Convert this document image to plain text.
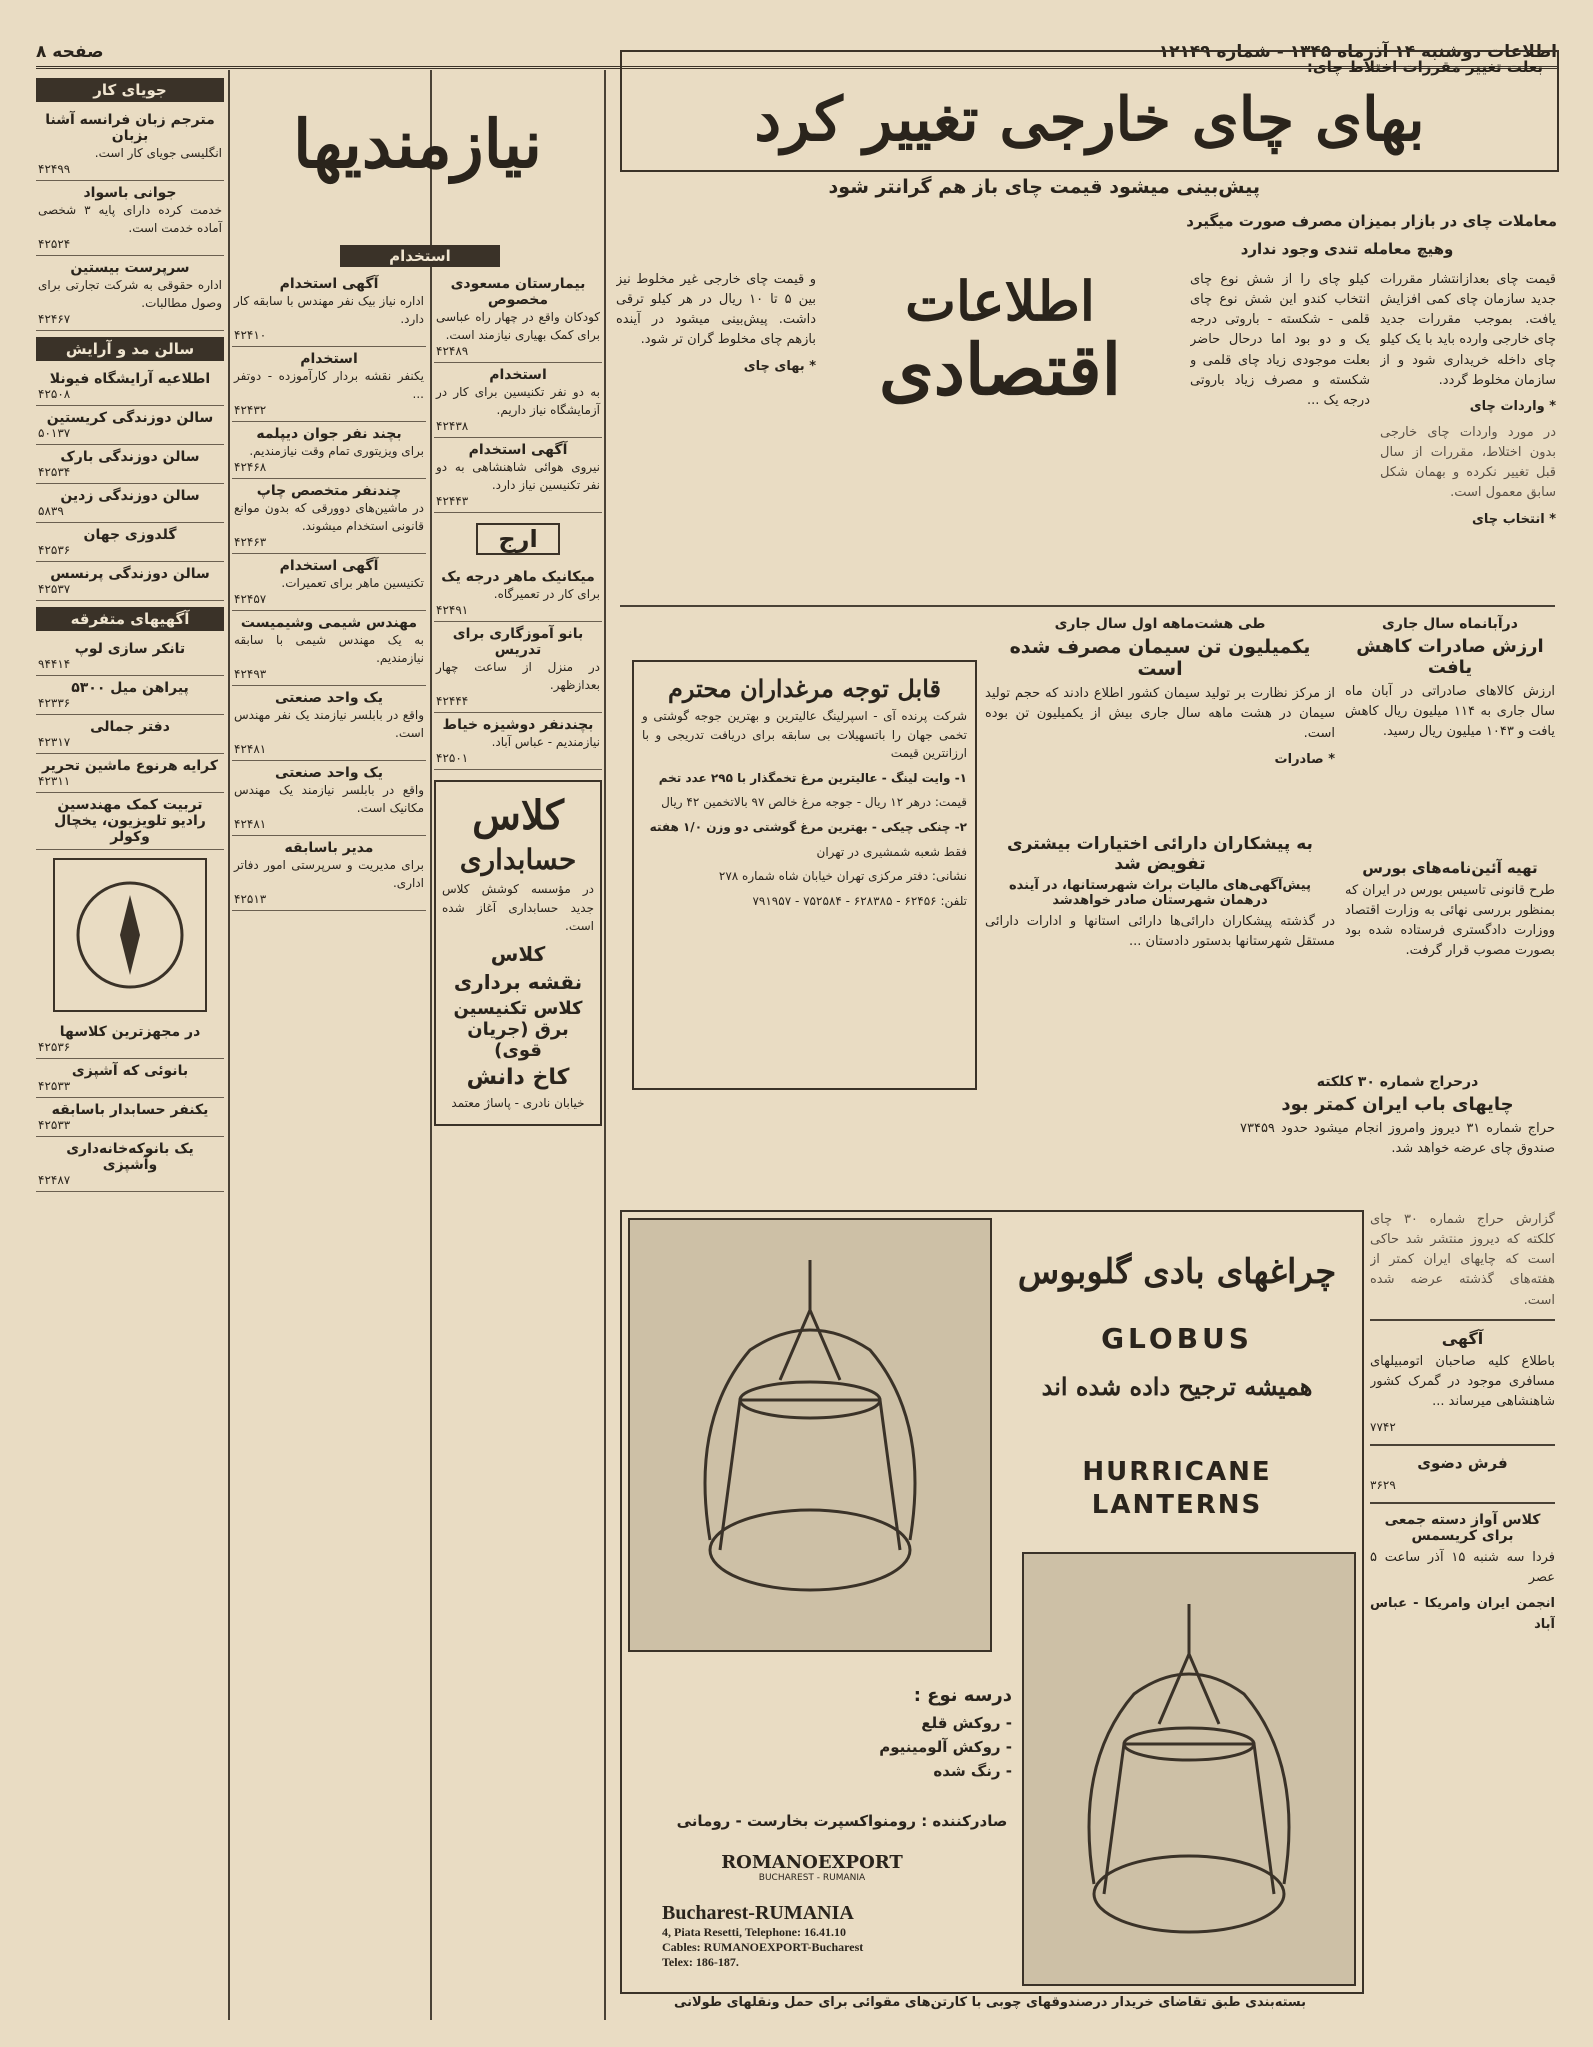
صفحه ۸	اطلاعات دوشنبه ۱۴ آذرماه ۱۳۴۵ - شماره ۱۲۱۴۹
بعلت تغییر مقررات اختلاط چای:
بهای چای خارجی تغییر کرد
پیش‌بینی میشود قیمت چای باز هم گرانتر شود
معاملات چای در بازار بمیزان مصرف صورت میگیرد
وهیچ معامله تندی وجود ندارد

قیمت چای بعدازانتشار مقررات جدید سازمان چای کمی افزایش یافت. بموجب مقررات جدید چای خارجی وارده باید با یک کیلو چای داخله خریداری شود و از سازمان مخلوط گردد.

* واردات چای

در مورد واردات چای خارجی بدون اختلاط، مقررات از سال قبل تغییر نکرده و بهمان شکل سابق معمول است.

* انتخاب چای

کیلو چای را از شش نوع چای انتخاب کندو این شش نوع چای قلمی - شکسته - باروتی درجه یک و دو بود اما درحال حاضر بعلت موجودی زیاد چای قلمی و شکسته و مصرف زیاد باروتی درجه یک ...

اطلاعات
اقتصادی

و قیمت چای خارجی غیر مخلوط نیز بین ۵ تا ۱۰ ریال در هر کیلو ترقی داشت. پیش‌بینی میشود در آینده بازهم چای مخلوط گران تر شود.

* بهای چای

طی هشت‌ماهه اول سال جاری
یکمیلیون تن سیمان مصرف شده است

از مرکز نظارت بر تولید سیمان کشور اطلاع دادند که حجم تولید سیمان در هشت ماهه سال جاری بیش از یکمیلیون تن بوده است.

* صادرات

درآبانماه سال جاری
ارزش صادرات کاهش یافت

ارزش کالاهای صادراتی در آبان ماه سال جاری به ۱۱۴ میلیون ریال کاهش یافت و ۱۰۴۳ میلیون ریال رسید.

تهیه آئین‌نامه‌های بورس

طرح قانونی تاسیس بورس در ایران که بمنظور بررسی نهائی به وزارت اقتصاد ووزارت دادگستری فرستاده شده بود بصورت مصوب قرار گرفت.

به پیشکاران دارائی اختیارات بیشتری تفویض شد
پیش‌آگهی‌های مالیات براث شهرستانها، در آینده درهمان شهرستان صادر خواهدشد

در گذشته پیشکاران دارائی‌ها دارائی استانها و ادارات دارائی مستقل شهرستانها بدستور دادستان ...

درحراج شماره ۳۰ کلکته
چایهای باب ایران کمتر بود

حراج شماره ۳۱ دیروز وامروز انجام میشود حدود ۷۳۴۵۹ صندوق چای عرضه خواهد شد.

قابل توجه مرغداران محترم

شرکت پرنده آی - اسپرلینگ عالیترین و بهترین جوجه گوشتی و تخمی جهان را باتسهیلات بی سابقه برای دریافت تدریجی و با ارزانترین قیمت

۱- وایت لینگ - عالیترین مرغ تخمگذار با ۲۹۵ عدد تخم

قیمت: درهر ۱۲ ریال - جوجه مرغ خالص ۹۷ بالاتخمین ۴۲ ریال

۲- چنکی چیکی - بهترین مرغ گوشتی دو وزن ۱/۰ هفته

فقط شعبه شمشیری در تهران

نشانی: دفتر مرکزی تهران خیابان شاه شماره ۲۷۸

تلفن: ۶۲۴۵۶ - ۶۲۸۳۸۵ - ۷۵۲۵۸۴ - ۷۹۱۹۵۷

چراغهای بادی گلوبوس
GLOBUS
همیشه ترجیح داده شده اند
HURRICANE
LANTERNS
درسه نوع :
- روکش قلع
- روکش آلومینیوم
- رنگ شده
صادرکننده : رومنواکسپرت بخارست - رومانی
ROMANOEXPORT
BUCHAREST - RUMANIA
Bucharest-RUMANIA
4, Piata Resetti, Telephone: 16.41.10
Cables: RUMANOEXPORT-Bucharest
Telex: 186-187.
بسته‌بندی طبق تقاضای خریدار درصندوقهای چوبی با کارتن‌های مقوائی برای حمل ونقلهای طولانی

گزارش حراج شماره ۳۰ چای کلکته که دیروز منتشر شد حاکی است که چایهای ایران کمتر از هفته‌های گذشته عرضه شده است.

آگهی

باطلاع کلیه صاحبان اتومبیلهای مسافری موجود در گمرک کشور شاهنشاهی میرساند ...

۷۷۴۲
فرش دضوی
۳۶۲۹
کلاس آواز دسته جمعی برای کریسمس

فردا سه شنبه ۱۵ آذر ساعت ۵ عصر

انجمن ایران وامریکا - عباس آباد

نیازمندیها
استخدام
بیمارستان مسعودی مخصوص
کودکان واقع در چهار راه عباسی برای کمک بهیاری نیازمند است.
۴۲۴۸۹
استخدام
به دو نفر تکنیسین برای کار در آزمایشگاه نیاز داریم.
۴۲۴۳۸
آگهی استخدام
نیروی هوائی شاهنشاهی به دو نفر تکنیسین نیاز دارد.
۴۲۴۴۳
ارج
میکانیک ماهر درجه یک
برای کار در تعمیرگاه.
۴۲۴۹۱
بانو آموزگاری برای تدریس
در منزل از ساعت چهار بعدازظهر.
۴۲۴۴۴
بچندنفر دوشیزه خیاط
نیازمندیم - عباس آباد.
۴۲۵۰۱
کلاس
حسابداری

در مؤسسه کوشش کلاس جدید حسابداری آغاز شده است.

کلاس
نقشه برداری
کلاس تکنیسین برق (جریان قوی)
کاخ دانش

خیابان نادری - پاساژ معتمد

آگهی استخدام
اداره نیاز بیک نفر مهندس با سابقه کار دارد.
۴۲۴۱۰
استخدام
یکنفر نقشه بردار کارآموزده - دوتفر ...
۴۲۴۳۲
بچند نفر جوان دیپلمه
برای ویزیتوری تمام وقت نیازمندیم.
۴۲۴۶۸
چندنفر متخصص چاپ
در ماشین‌های دوورقی که بدون موانع قانونی استخدام میشوند.
۴۲۴۶۳
آگهی استخدام
تکنیسین ماهر برای تعمیرات.
۴۲۴۵۷
مهندس شیمی وشیمیست
به یک مهندس شیمی با سابقه نیازمندیم.
۴۲۴۹۳
یک واحد صنعتی
واقع در بابلسر نیازمند یک نفر مهندس است.
۴۲۴۸۱
یک واحد صنعتی
واقع در بابلسر نیازمند یک مهندس مکانیک است.
۴۲۴۸۱
مدیر باسابقه
برای مدیریت و سرپرستی امور دفاتر اداری.
۴۲۵۱۳
جویای کار
مترجم زبان فرانسه آشنا بزبان
انگلیسی جویای کار است.
۴۲۴۹۹
جوانی باسواد
خدمت کرده دارای پایه ۳ شخصی آماده خدمت است.
۴۲۵۲۴
سرپرست بیستین
اداره حقوقی به شرکت تجارتی برای وصول مطالبات.
۴۲۴۶۷
سالن مد و آرایش
اطلاعیه آرایشگاه فیونلا
۴۲۵۰۸
سالن دوزندگی کریستین
۵۰۱۳۷
سالن دوزندگی بارک
۴۲۵۳۴
سالن دوزندگی زدین
۵۸۳۹
گلدوزی جهان
۴۲۵۳۶
سالن دوزندگی پرنسس
۴۲۵۳۷
آگهیهای متفرقه
تانکر سازی لوپ
۹۴۴۱۴
پیراهن میل ۵۳۰۰
۴۲۳۳۶
دفتر جمالی
۴۲۳۱۷
کرایه هرنوع ماشین تحریر
۴۲۳۱۱
تربیت کمک مهندسین رادیو تلویزیون، یخچال وکولر
در مجهزترین کلاسها
۴۲۵۳۶
بانوئی که آشپزی
۴۲۵۳۳
یکنفر حسابدار باسابقه
۴۲۵۳۳
یک بانوکه‌خانه‌داری وآشپزی
۴۲۴۸۷
